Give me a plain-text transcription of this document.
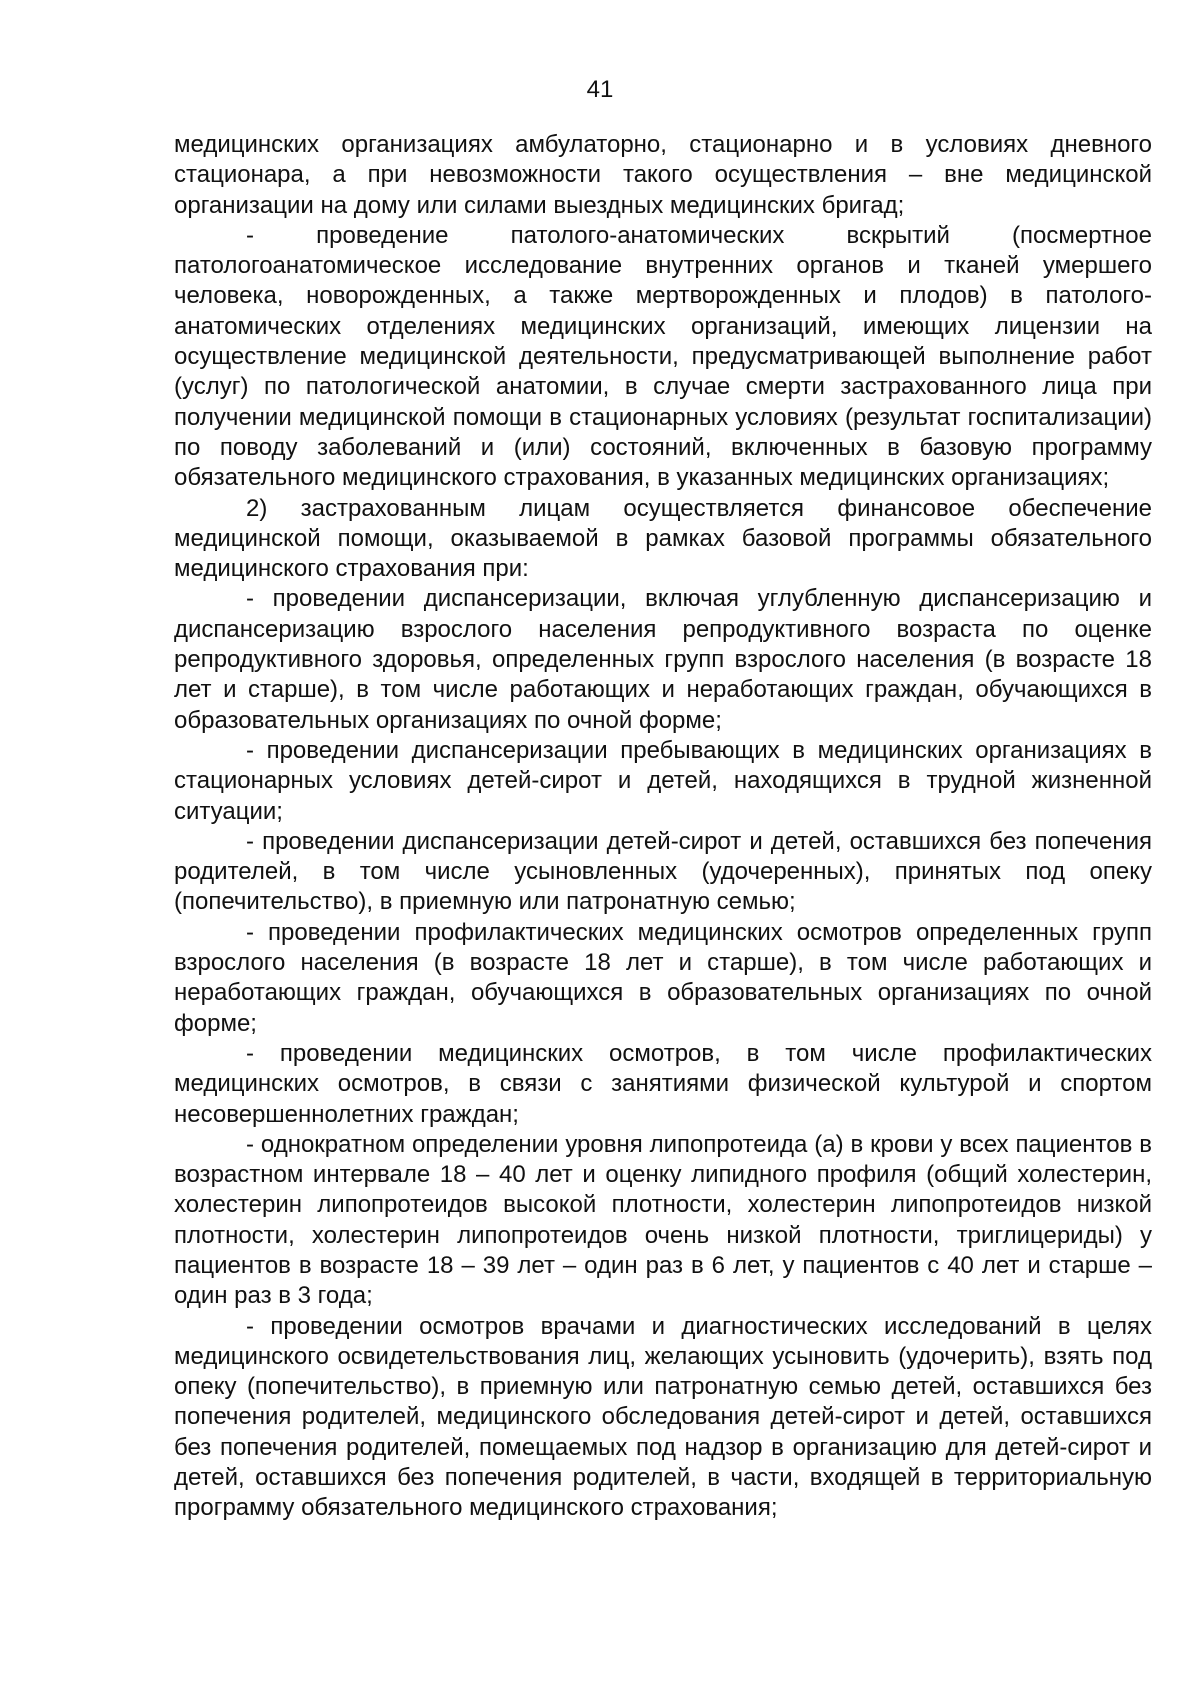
41

медицинских организациях амбулаторно, стационарно и в условиях дневного стационара, а при невозможности такого осуществления – вне медицинской организации на дому или силами выездных медицинских бригад;

- проведение патолого-анатомических вскрытий (посмертное патологоанатомическое исследование внутренних органов и тканей умершего человека, новорожденных, а также мертворожденных и плодов) в патолого-анатомических отделениях медицинских организаций, имеющих лицензии на осуществление медицинской деятельности, предусматривающей выполнение работ (услуг) по патологической анатомии, в случае смерти застрахованного лица при получении медицинской помощи в стационарных условиях (результат госпитализации) по поводу заболеваний и (или) состояний, включенных в базовую программу обязательного медицинского страхования, в указанных медицинских организациях;

2) застрахованным лицам осуществляется финансовое обеспечение медицинской помощи, оказываемой в рамках базовой программы обязательного медицинского страхования при:

- проведении диспансеризации, включая углубленную диспансеризацию и диспансеризацию взрослого населения репродуктивного возраста по оценке репродуктивного здоровья, определенных групп взрослого населения (в возрасте 18 лет и старше), в том числе работающих и неработающих граждан, обучающихся в образовательных организациях по очной форме;

- проведении диспансеризации пребывающих в медицинских организациях в стационарных условиях детей-сирот и детей, находящихся в трудной жизненной ситуации;

- проведении диспансеризации детей-сирот и детей, оставшихся без попечения родителей, в том числе усыновленных (удочеренных), принятых под опеку (попечительство), в приемную или патронатную семью;

- проведении профилактических медицинских осмотров определенных групп взрослого населения (в возрасте 18 лет и старше), в том числе работающих и неработающих граждан, обучающихся в образовательных организациях по очной форме;

- проведении медицинских осмотров, в том числе профилактических медицинских осмотров, в связи с занятиями физической культурой и спортом несовершеннолетних граждан;

- однократном определении уровня липопротеида (а) в крови у всех пациентов в возрастном интервале 18 – 40 лет и оценку липидного профиля (общий холестерин, холестерин липопротеидов высокой плотности, холестерин липопротеидов низкой плотности, холестерин липопротеидов очень низкой плотности, триглицериды) у пациентов в возрасте 18 – 39 лет – один раз в 6 лет, у пациентов с 40 лет и старше – один раз в 3 года;

- проведении осмотров врачами и диагностических исследований в целях медицинского освидетельствования лиц, желающих усыновить (удочерить), взять под опеку (попечительство), в приемную или патронатную семью детей, оставшихся без попечения родителей, медицинского обследования детей-сирот и детей, оставшихся без попечения родителей, помещаемых под надзор в организацию для детей-сирот и детей, оставшихся без попечения родителей, в части, входящей в территориальную программу обязательного медицинского страхования;
